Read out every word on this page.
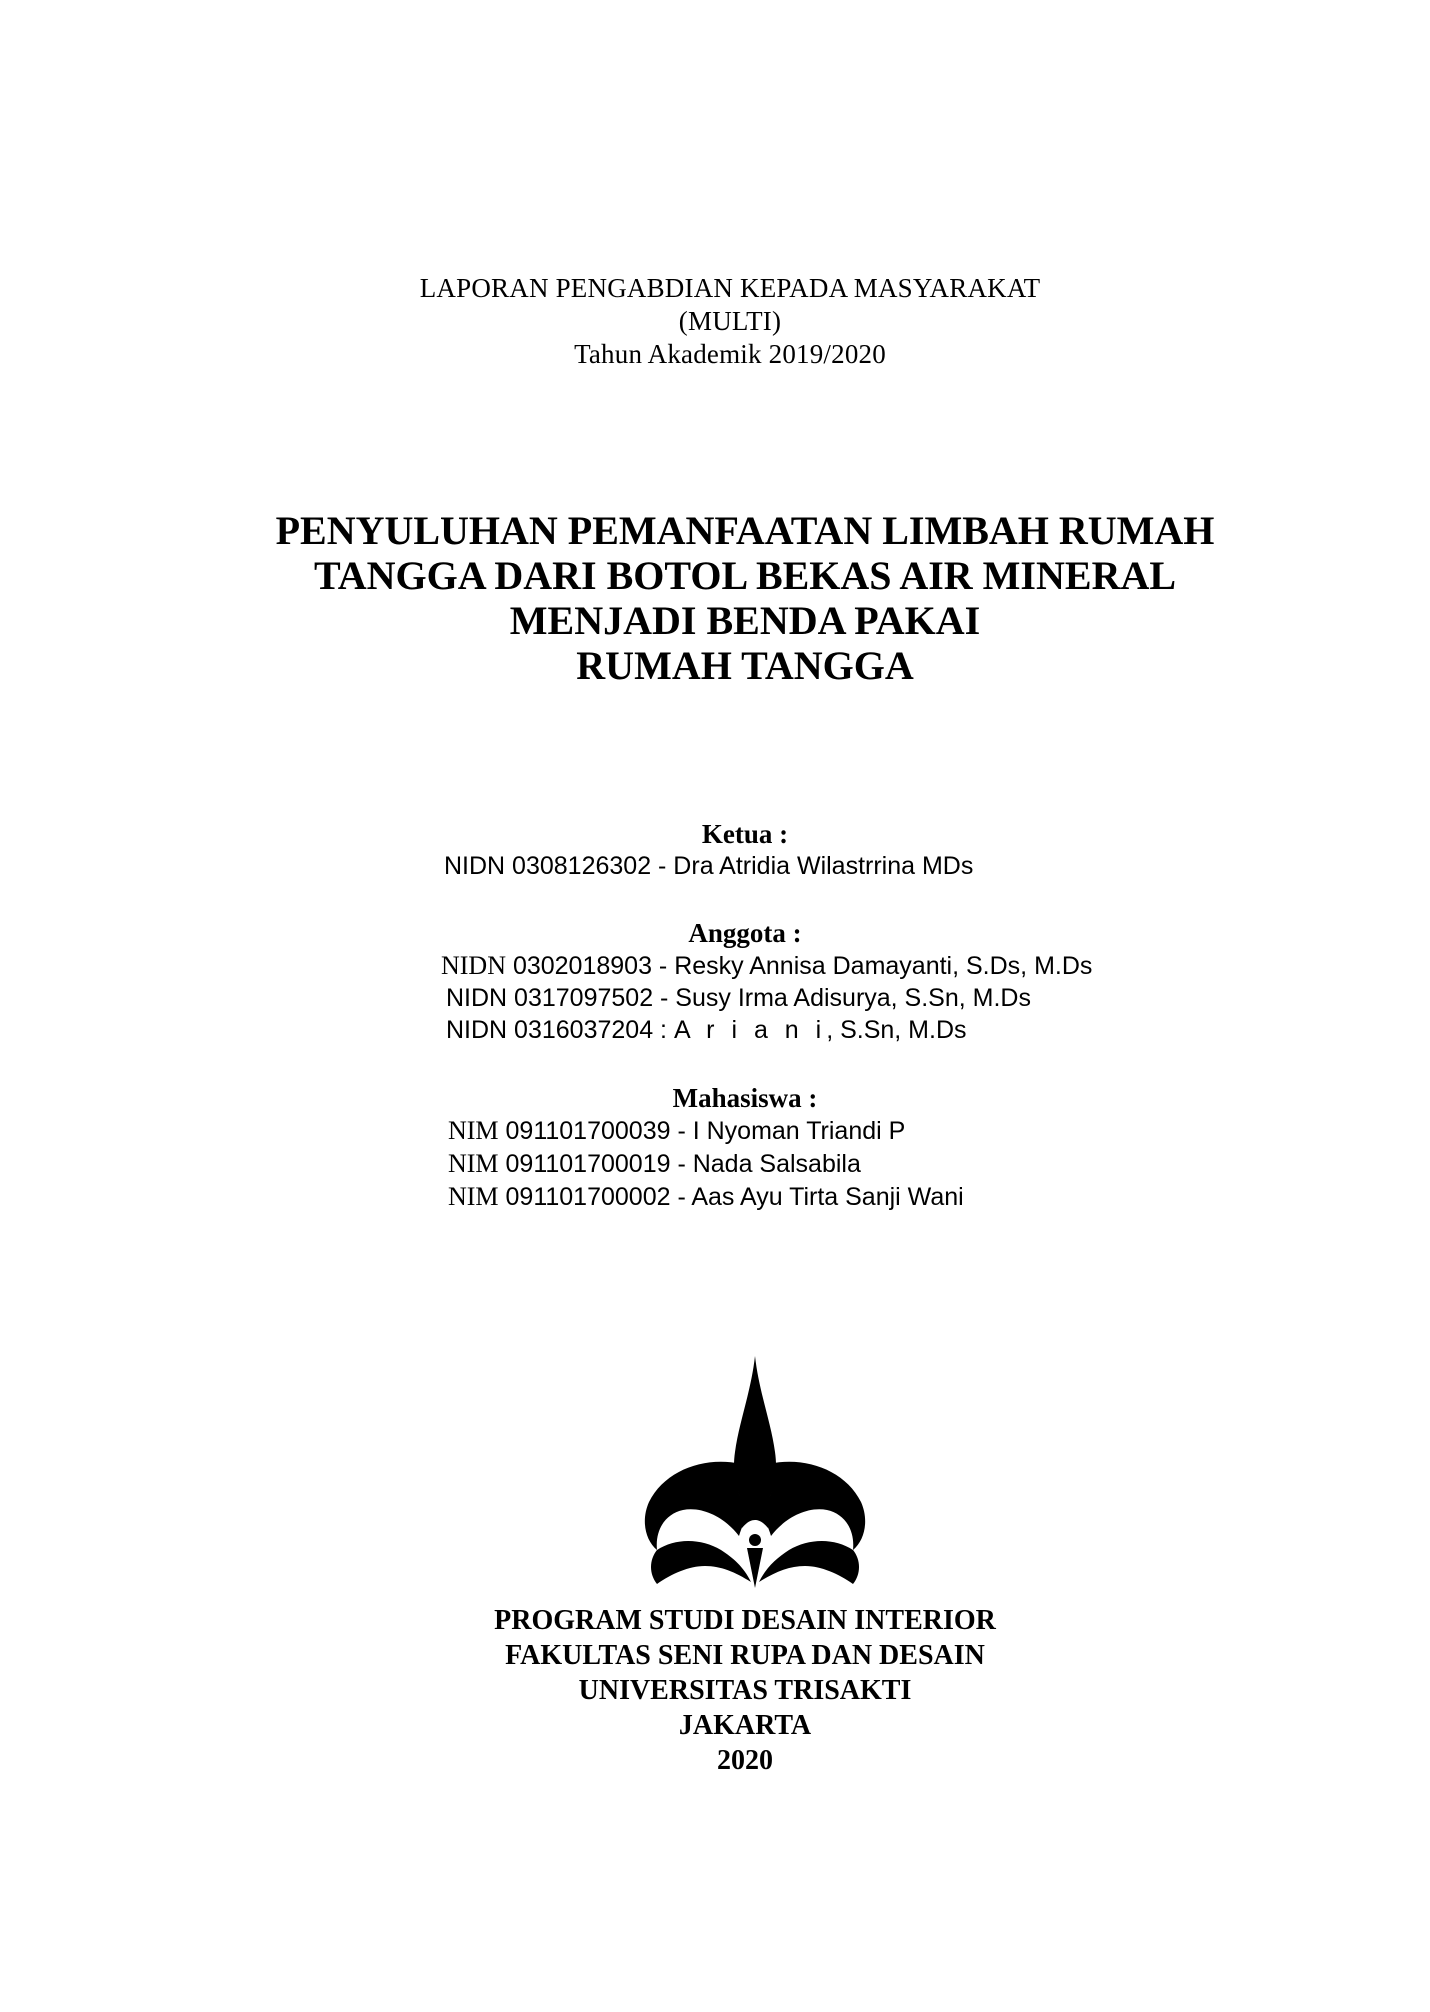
LAPORAN PENGABDIAN KEPADA MASYARAKAT
(MULTI)
Tahun Akademik 2019/2020
PENYULUHAN PEMANFAATAN LIMBAH RUMAH
TANGGA DARI BOTOL BEKAS AIR MINERAL
MENJADI BENDA PAKAI
RUMAH TANGGA
Ketua :
NIDN 0308126302 - Dra Atridia Wilastrrina MDs
Anggota :
NIDN 0302018903 - Resky Annisa Damayanti, S.Ds, M.Ds
NIDN 0317097502 - Susy Irma Adisurya, S.Sn, M.Ds
NIDN 0316037204 : A r i a n i, S.Sn, M.Ds
Mahasiswa :
NIM 091101700039 - I Nyoman Triandi P
NIM 091101700019 - Nada Salsabila
NIM 091101700002 - Aas Ayu Tirta Sanji Wani
PROGRAM STUDI DESAIN INTERIOR
FAKULTAS SENI RUPA DAN DESAIN
UNIVERSITAS TRISAKTI
JAKARTA
2020
